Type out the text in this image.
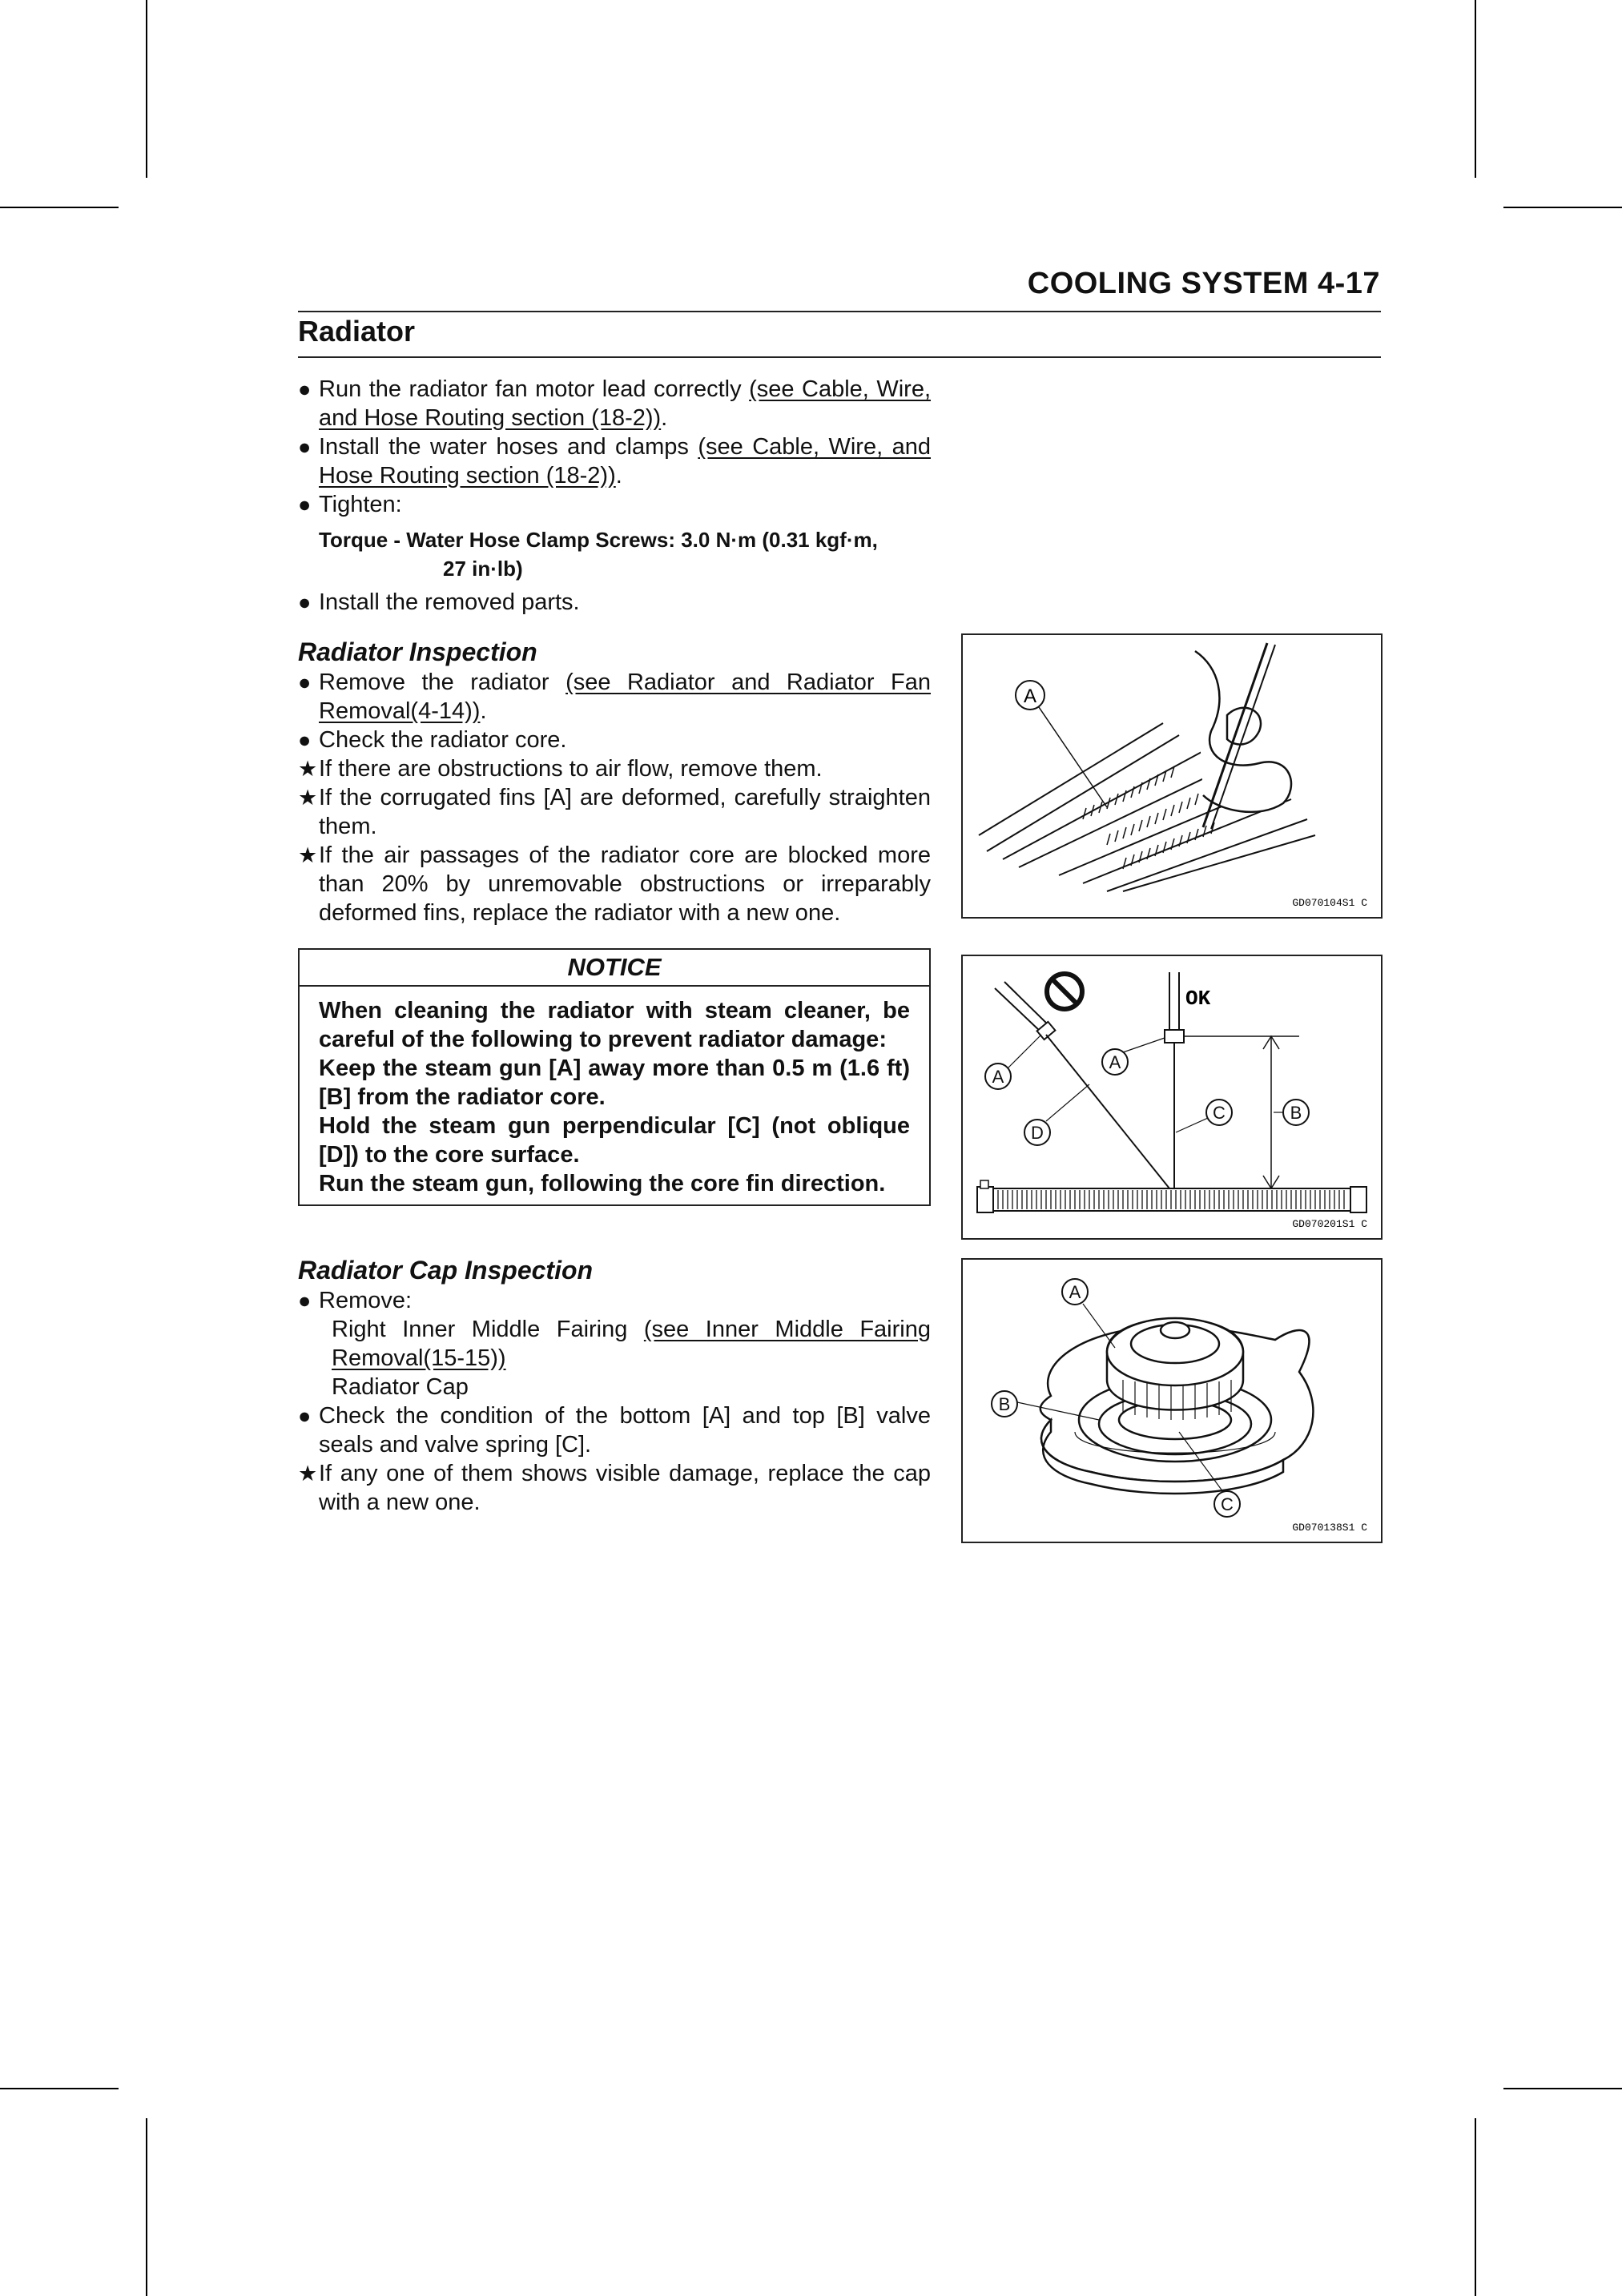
COOLING SYSTEM 4-17
Radiator
● Run the radiator fan motor lead correctly (see Cable, Wire, and Hose Routing section (18-2)).
● Install the water hoses and clamps (see Cable, Wire, and Hose Routing section (18-2)).
● Tighten:
Torque - Water Hose Clamp Screws: 3.0 N·m (0.31 kgf·m,
27 in·lb)
● Install the removed parts.
Radiator Inspection
● Remove the radiator (see Radiator and Radiator Fan Removal(4-14)).
● Check the radiator core.
★ If there are obstructions to air flow, remove them.
★ If the corrugated fins [A] are deformed, carefully straighten them.
★ If the air passages of the radiator core are blocked more than 20% by unremovable obstructions or irreparably deformed fins, replace the radiator with a new one.
NOTICE
When cleaning the radiator with steam cleaner, be careful of the following to prevent radiator damage:
Keep the steam gun [A] away more than 0.5 m (1.6 ft) [B] from the radiator core.
Hold the steam gun perpendicular [C] (not oblique [D]) to the core surface.
Run the steam gun, following the core fin direction.
Radiator Cap Inspection
● Remove:
Right Inner Middle Fairing (see Inner Middle Fairing Removal(15-15))
Radiator Cap
● Check the condition of the bottom [A] and top [B] valve seals and valve spring [C].
★ If any one of them shows visible damage, replace the cap with a new one.
A
GD070104S1 C
OK
A
A
D
C	B
GD070201S1 C
A
B
C
GD070138S1 C
